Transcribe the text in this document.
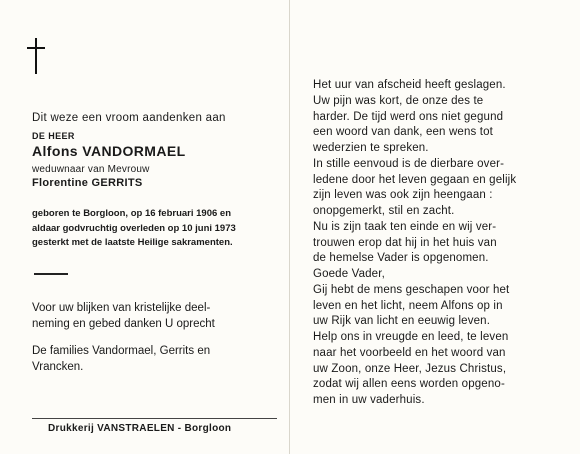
Dit weze een vroom aandenken aan
DE HEER
Alfons VANDORMAEL
weduwnaar van Mevrouw
Florentine GERRITS
geboren te Borgloon, op 16 februari 1906 en
aldaar godvruchtig overleden op 10 juni 1973
gesterkt met de laatste Heilige sakramenten.
Voor uw blijken van kristelijke deel-
neming en gebed danken U oprecht
De families Vandormael, Gerrits en
Vrancken.
Drukkerij VANSTRAELEN - Borgloon
Het uur van afscheid heeft geslagen.
Uw pijn was kort, de onze des te
harder. De tijd werd ons niet gegund
een woord van dank, een wens tot
wederzien te spreken.
In stille eenvoud is de dierbare over-
ledene door het leven gegaan en gelijk
zijn leven was ook zijn heengaan :
onopgemerkt, stil en zacht.
Nu is zijn taak ten einde en wij ver-
trouwen erop dat hij in het huis van
de hemelse Vader is opgenomen.
Goede Vader,
Gij hebt de mens geschapen voor het
leven en het licht, neem Alfons op in
uw Rijk van licht en eeuwig leven.
Help ons in vreugde en leed, te leven
naar het voorbeeld en het woord van
uw Zoon, onze Heer, Jezus Christus,
zodat wij allen eens worden opgeno-
men in uw vaderhuis.
